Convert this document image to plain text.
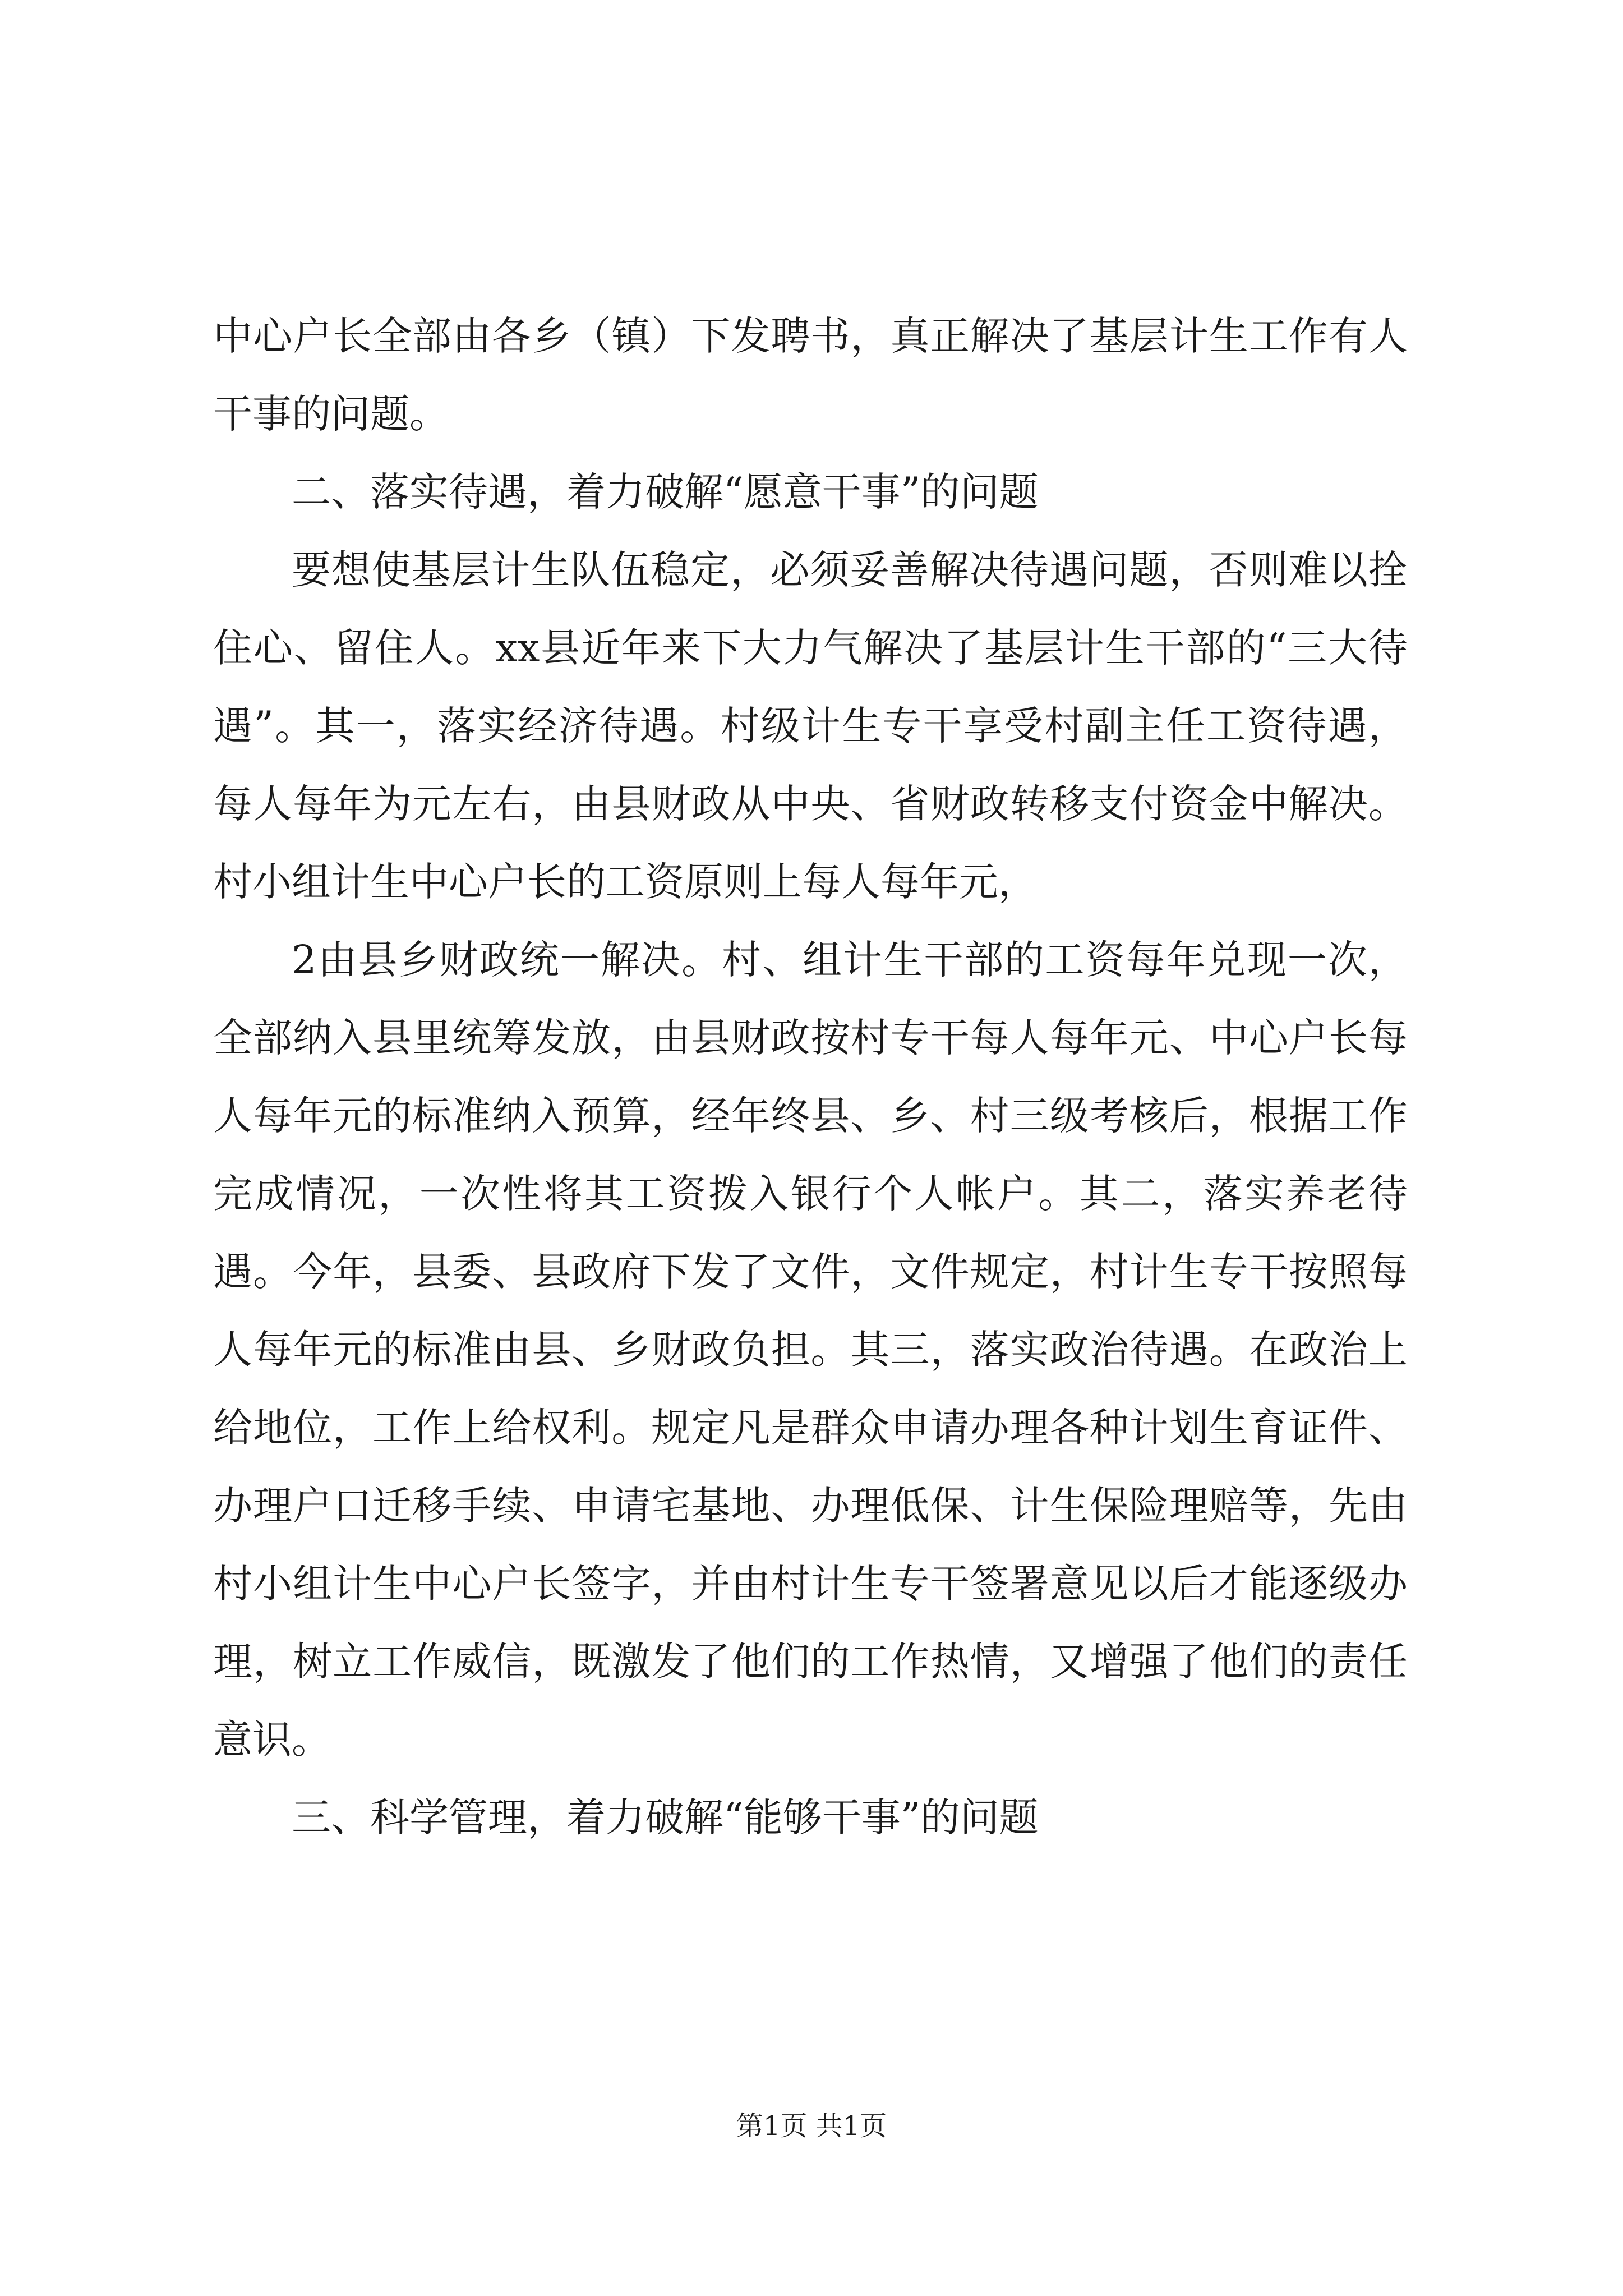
中心户长全部由各乡（镇）下发聘书，真正解决了基层计生工作有人干事的问题。

二、落实待遇，着力破解“愿意干事”的问题

要想使基层计生队伍稳定，必须妥善解决待遇问题，否则难以拴住心、留住人。xx县近年来下大力气解决了基层计生干部的“三大待遇”。其一，落实经济待遇。村级计生专干享受村副主任工资待遇，每人每年为元左右，由县财政从中央、省财政转移支付资金中解决。村小组计生中心户长的工资原则上每人每年元，

2由县乡财政统一解决。村、组计生干部的工资每年兑现一次，全部纳入县里统筹发放，由县财政按村专干每人每年元、中心户长每人每年元的标准纳入预算，经年终县、乡、村三级考核后，根据工作完成情况，一次性将其工资拨入银行个人帐户。其二，落实养老待遇。今年，县委、县政府下发了文件，文件规定，村计生专干按照每人每年元的标准由县、乡财政负担。其三，落实政治待遇。在政治上给地位，工作上给权利。规定凡是群众申请办理各种计划生育证件、办理户口迁移手续、申请宅基地、办理低保、计生保险理赔等，先由村小组计生中心户长签字，并由村计生专干签署意见以后才能逐级办理，树立工作威信，既激发了他们的工作热情，又增强了他们的责任意识。

三、科学管理，着力破解“能够干事”的问题

第1页 共1页
